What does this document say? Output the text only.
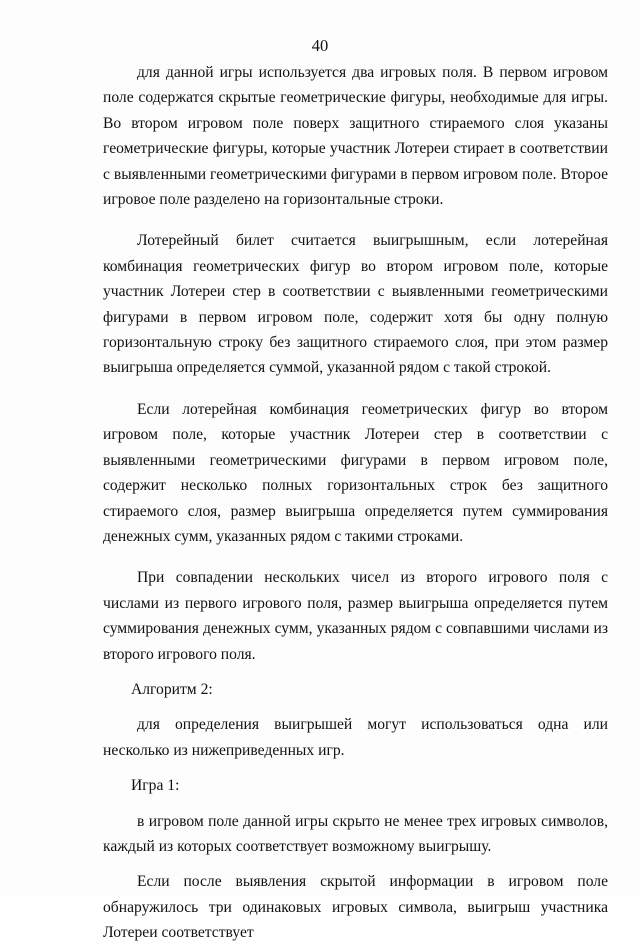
40

для данной игры используется два игровых поля. В первом игровом поле содержатся скрытые геометрические фигуры, необходимые для игры. Во втором игровом поле поверх защитного стираемого слоя указаны геометрические фигуры, которые участник Лотереи стирает в соответствии с выявленными геометрическими фигурами в первом игровом поле. Второе игровое поле разделено на горизонтальные строки.

Лотерейный билет считается выигрышным, если лотерейная комбинация геометрических фигур во втором игровом поле, которые участник Лотереи стер в соответствии с выявленными геометрическими фигурами в первом игровом поле, содержит хотя бы одну полную горизонтальную строку без защитного стираемого слоя, при этом размер выигрыша определяется суммой, указанной рядом с такой строкой.

Если лотерейная комбинация геометрических фигур во втором игровом поле, которые участник Лотереи стер в соответствии с выявленными геометрическими фигурами в первом игровом поле, содержит несколько полных горизонтальных строк без защитного стираемого слоя, размер выигрыша определяется путем суммирования денежных сумм, указанных рядом с такими строками.

При совпадении нескольких чисел из второго игрового поля с числами из первого игрового поля, размер выигрыша определяется путем суммирования денежных сумм, указанных рядом с совпавшими числами из второго игрового поля.

Алгоритм 2:

для определения выигрышей могут использоваться одна или несколько из нижеприведенных игр.

Игра 1:

в игровом поле данной игры скрыто не менее трех игровых символов, каждый из которых соответствует возможному выигрышу.

Если после выявления скрытой информации в игровом поле обнаружилось три одинаковых игровых символа, выигрыш участника Лотереи соответствует
